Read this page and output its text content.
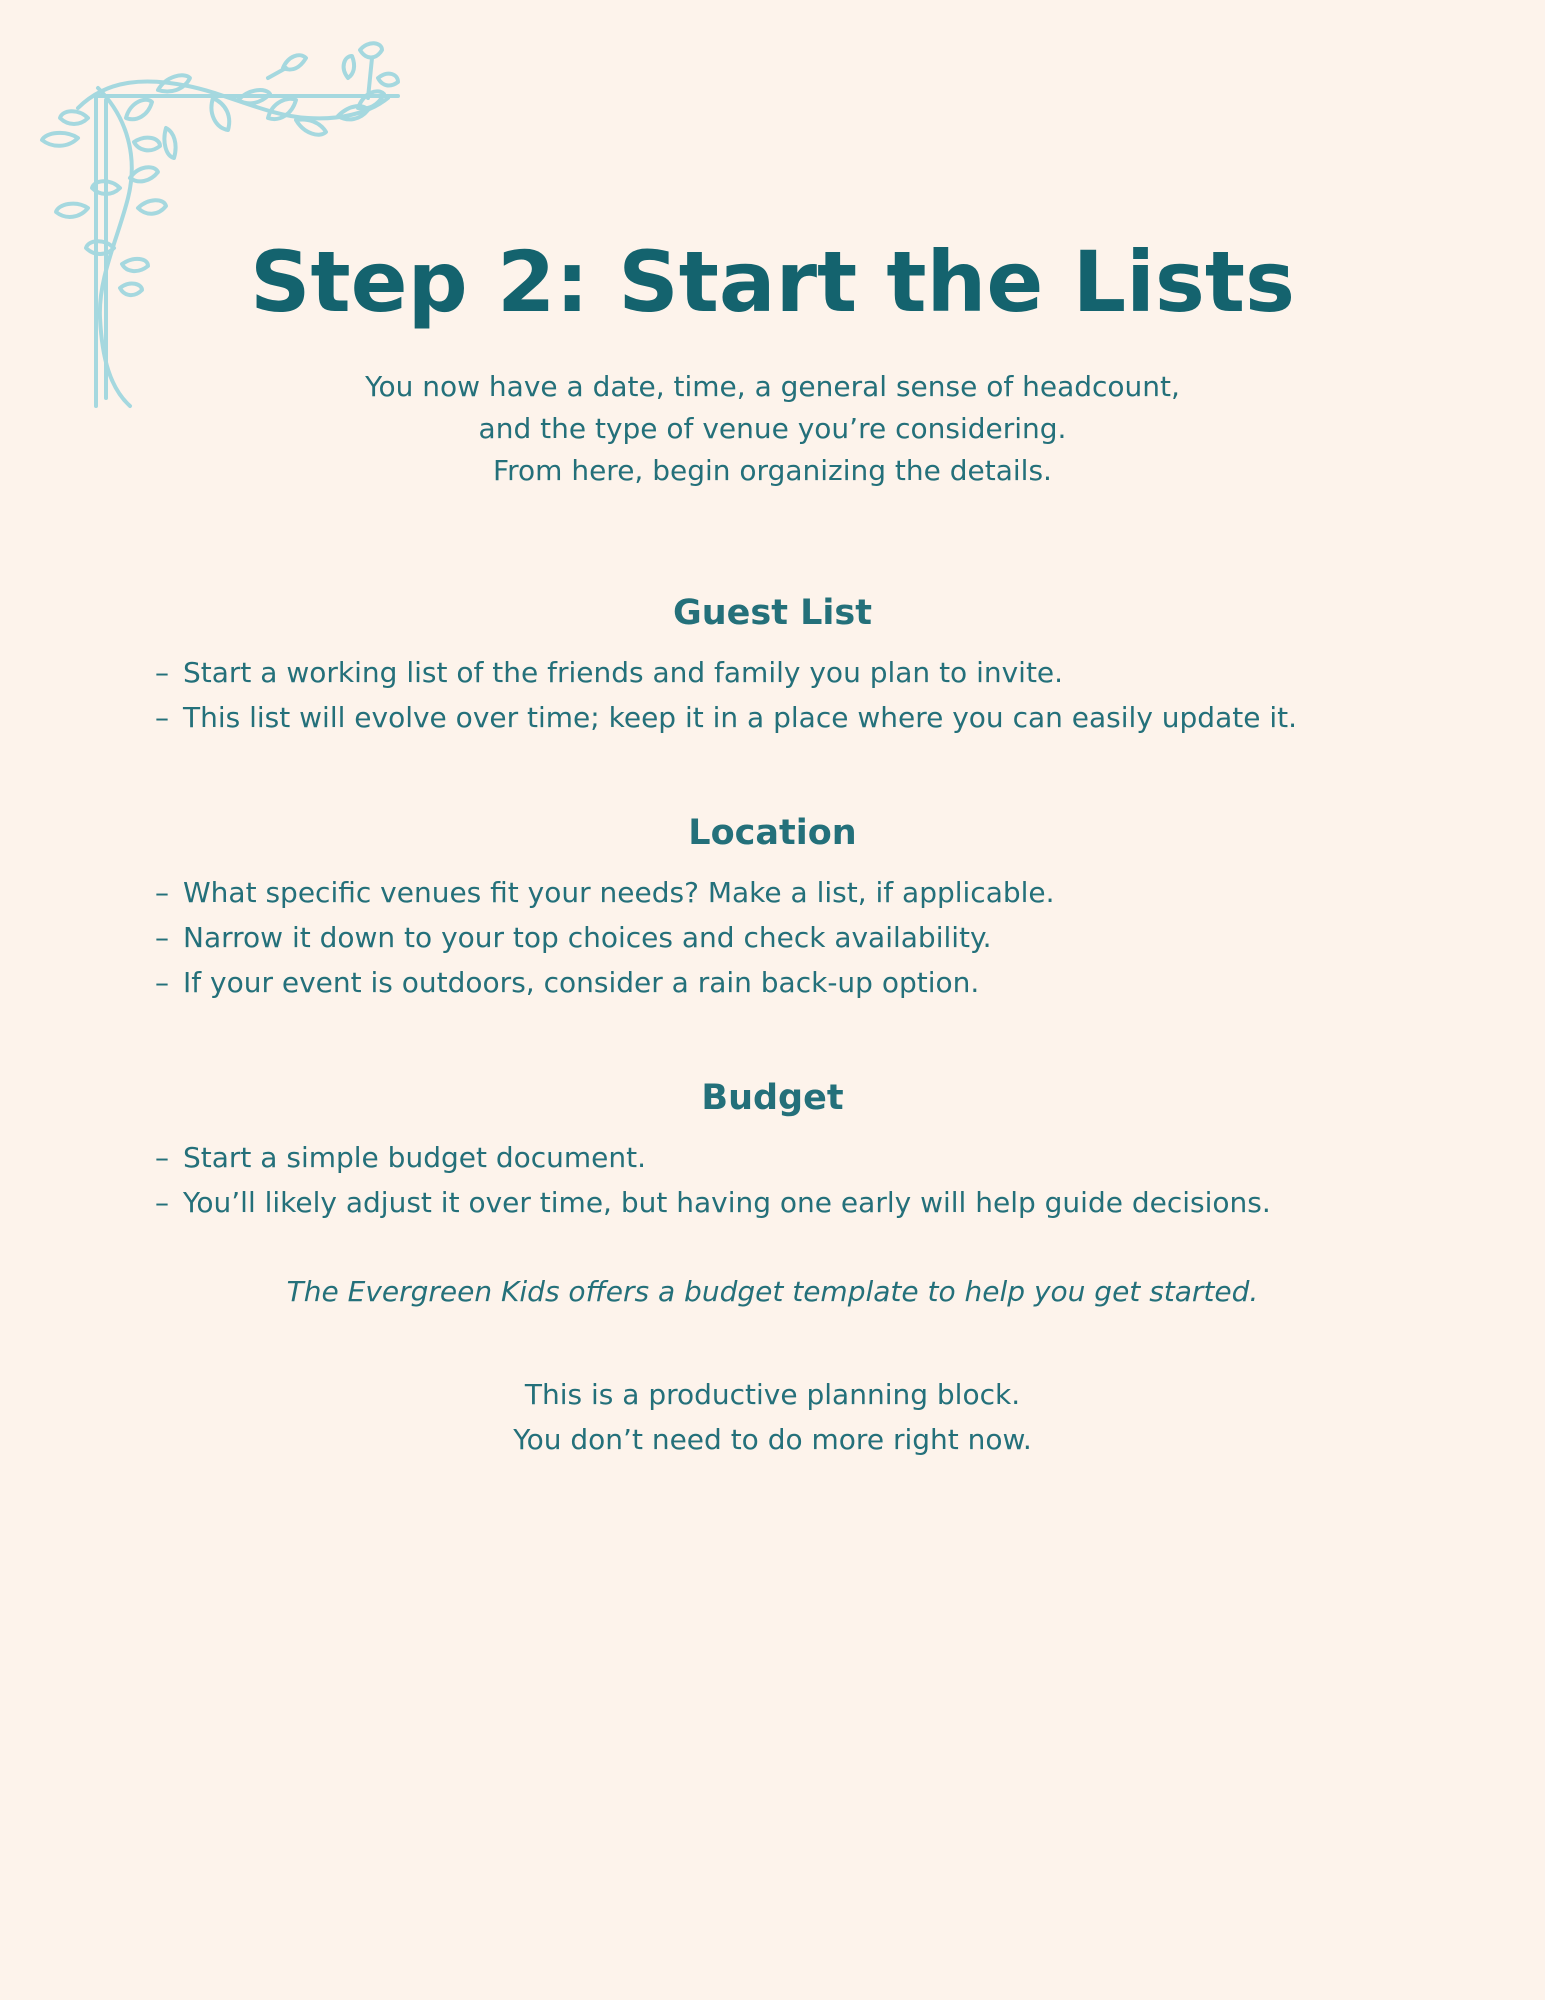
Step 2: Start the Lists
You now have a date, time, a general sense of headcount,
and the type of venue you’re considering.
From here, begin organizing the details.
Guest List
– Start a working list of the friends and family you plan to invite.
– This list will evolve over time; keep it in a place where you can easily update it.
Location
– What specific venues fit your needs? Make a list, if applicable.
– Narrow it down to your top choices and check availability.
– If your event is outdoors, consider a rain back-up option.
Budget
– Start a simple budget document.
– You’ll likely adjust it over time, but having one early will help guide decisions.
The Evergreen Kids offers a budget template to help you get started.
This is a productive planning block.
You don’t need to do more right now.
